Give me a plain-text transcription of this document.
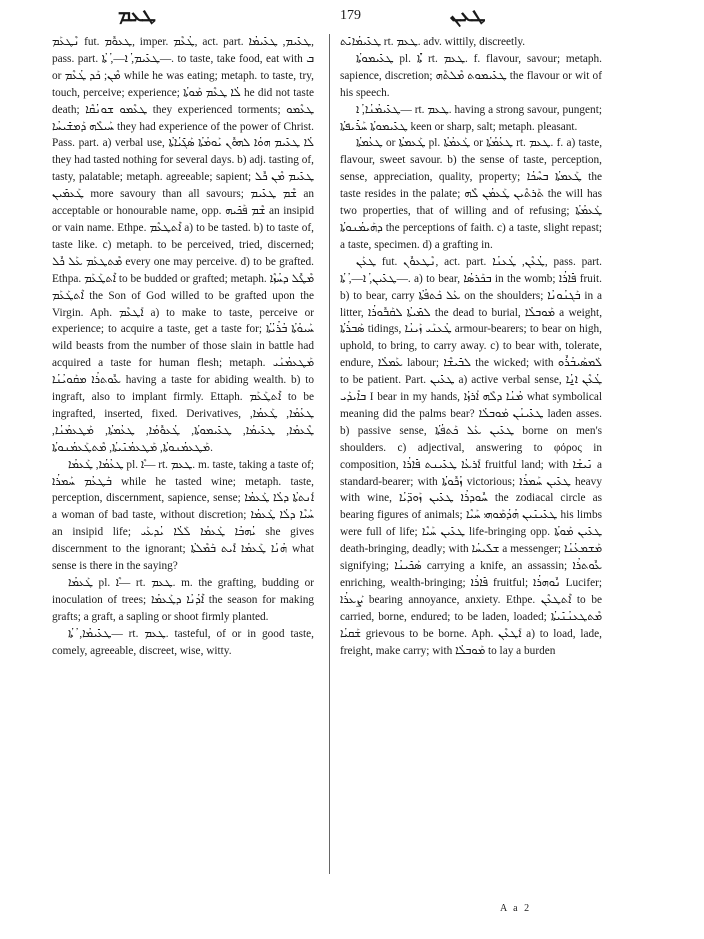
ܛܥܡ	179	ܛܥܢ

ܢܶܛܥܰܡ fut. ܛܥܘܽܡ, imper. ܛܳܥܶܡ, act. part. ܛܥܺܝܡ, ܛܥܺܝܡܳܐ, pass. part. ܛܥܺܝܡ, ܳܐ—, ܳܬܳܐ—. to taste, take food, eat with ܒ or ܡܶܢ; ܟܰܕ ܛܳܥܶܡ while he was eating; metaph. to taste, try, touch, perceive; experience; ܠܳܐ ܛܥܶܡ ܡܰܘܬܳܐ he did not taste death; ܛܥܶܡܘ ܫܘܢܳܩܶܐ they experienced torments; ܛܥܶܡܘ ܚܰܝܠܶܗ ܕܰܡܫܺܝܚܳܐ they had experience of the power of Christ. Pass. part. a) verbal use, ܠܳܐ ܛܥܺܝܡ ܗܘܳܐ ܠܗܘܽܢ ܝܰܘܡܳܬܳܐ ܣܰܓܺܝܳܐܬܳܐ they had tasted nothing for several days. b) adj. tasting of, tasty, palatable; metaph. agreeable; sapient; ܛܥܺܝܡ ܡܶܢ ܟܽܠ ܛܰܥܡܺܝܢ more savoury than all savours; ܫܶܡ ܛܥܺܝܡ an acceptable or honourable name, opp. ܫܶܡ ܦܰܟܺܝܗ an insipid or vain name. Ethpe. ܐܶܬܛܥܶܡ a) to be tasted. b) to taste of, taste like. c) metaph. to be perceived, tried, discerned; ܡܶܬܛܥܰܡ ܥܰܠ ܟܽܠ every one may perceive. d) to be grafted. Ethpa. ܐܶܬܛܰܥܰܡ to be budded or grafted; metaph. ܡܶܛܽܠ ܕܚܳܙܶܐ ܐܶܬܛܰܥܰܡ the Son of God willed to be grafted upon the Virgin. Aph. ܐܰܛܥܶܡ a) to make to taste, perceive or experience; to acquire a taste, get a taste for; ܚܰܝܘܳܬܳܐ ܒܳܪܳܝܳܬܳܐ wild beasts from the number of those slain in battle had acquired a taste for human flesh; metaph. ܡܰܛܥܡܳܢܰܝ ܥܽܘܬܪܳܐ ܡܩܰܘܝܳܢܳܐ having a taste for abiding wealth. b) to ingraft, also to implant firmly. Ettaph. ܐܶܬܛܰܥܰܡ to be ingrafted, inserted, fixed. Derivatives, ܛܥܳܡܳܐ, ܛܰܥܡܳܐ, ܛܶܥܡܳܐ, ܛܥܺܝܡܳܐ, ܛܥܺܝܡܘܬܳܐ, ܛܳܥܘܽܡܳܐ, ܛܥܳܡܬܳܐ, ܡܰܛܥܡܳܢܳܐ, ܡܰܛܥܡܳܢܘܬܳܐ, ܡܰܛܥܡܳܢܺܝܬܳܐ, ܡܶܬܛܰܥܡܳܢܘܬܳܐ.

ܛܥܳܡܳܐ, ܛܰܥܡܳܐ pl. ܶܐ— rt. ܛܥܡ. m. taste, taking a taste of; ܒܰܛܥܳܡ ܚܰܡܪܳܐ while he tasted wine; metaph. taste, perception, discernment, sapience, sense; ܐܰܢܬܬܳܐ ܕܠܳܐ ܛܰܥܡܳܐ a woman of bad taste, without discretion; ܚܰܝܶܐ ܕܠܳܐ ܛܰܥܡܳܐ an insipid life; ܝܳܗܒܳܐ ܛܰܥܡܳܐ ܠܰܠܳܐ ܝܳܕܥܰܝ she gives discernment to the ignorant; ܗܳܢܳܐ ܛܰܥܡܳܐ ܐܺܝܬ ܒܰܡܶܠܬܳܐ what sense is there in the saying?

ܛܰܥܡܳܐ pl. ܶܐ— rt. ܛܥܡ. m. the grafting, budding or inoculation of trees; ܐܶܕܳܢܳܐ ܕܛܰܥܡܳܐ the season for making grafts; a graft, a sapling or shoot firmly planted.

ܛܥܺܝܡܳܐ, ܳܬܳܐ— rt. ܛܥܡ. tasteful, of or in good taste, comely, agreeable, discreet, wise, witty.

ܛܥܺܝܡܳܐܝܺܬ rt. ܛܥܡ. adv. wittily, discreetly.

ܛܥܺܝܡܘܬܳܐ pl. ܳܬܳܐ rt. ܛܥܡ. f. flavour, savour; metaph. sapience, discretion; ܛܥܺܝܡܘܬ ܡܶܠܬܶܗ the flavour or wit of his speech.

ܛܥܺܝܡܳܢܳܐ, ܳܐ— rt. ܛܥܡ. having a strong savour, pungent; ܛܥܺܝܡܘܬܳܐ ܚܰܪܺܝܦܬܳܐ keen or sharp, salt; metaph. pleasant.

ܛܥܳܡܬܳܐ or ܛܰܥܡܬܳܐ pl. ܛܰܥܡܳܬܳܐ or ܛܥܳܡܳܬܳܐ rt. ܛܥܡ. f. a) taste, flavour, sweet savour. b) the sense of taste, perception, sense, appreciation, quality, property; ܛܰܥܡܬܳܐ ܒܚܶܟܳܐ the taste resides in the palate; ܬܰܪܬܶܝܢ ܛܰܥܡܳܢ ܠܶܗ the will has two properties, that of willing and of refusing; ܛܰܥܡܳܬܳܐ ܕܗܰܝܡܳܢܘܬܳܐ the perceptions of faith. c) a taste, slight repast; a taste, specimen. d) a grafting in.

ܛܥܰܢ fut. ܢܶܛܥܘܽܢ, act. part. ܛܳܥܶܢ, ܛܳܥܢܳܐ, pass. part. ܛܥܺܝܢ, ܳܐ—, ܳܬܳܐ—. a) to bear, ܒܟܰܪܣܳܐ in the womb; ܦܺܐܪܳܐ fruit. b) to bear, carry ܥܰܠ ܟܰܬܦܳܬܳܐ on the shoulders; ܒܰܓܢܳܘܢܳܐ in a litter, ܠܡܺܝܬܳܐ ܠܩܰܒܽܘܪܳܐ the dead to burial, ܡܰܘܒܠܳܐ a weight, ܣܰܒܪܳܬܳܐ tidings, ܛܳܥܢܰܝ ܙܰܝܢܳܐ armour-bearers; to bear on high, uphold, to bring, to carry away. c) to bear with, tolerate, endure, ܥܰܡܠܳܐ labour; ܠܒܺܝܫܶܐ the wicked; with ܠܰܡܣܰܝܒܳܪܽܘ to be patient. Part. ܛܥܺܝܢ a) active verbal sense, ܛܳܥܶܢ ܐ̱ܢܳܐ ܒܐܺܝܕܰܝ I bear in my hands, ܡܳܢܳܐ ܕܠܶܗ ܐܳܪܙܳܐ what symbolical meaning did the palms bear? ܛܥܺܝܢܳܢ ܡܰܘܒܠܳܐ laden asses. b) passive sense, ܛܥܺܝܢ ܥܰܠ ܟܰܬܦܳܬܳܐ borne on men's shoulders. c) adjectival, answering to φόρος in composition, ܐܰܪܥܳܐ ܛܥܺܝܢܬ ܦܺܐܪܳܐ fruitful land; with ܢܺܝܫܳܐ a standard-bearer; with ܙܳܟܽܘܬܳܐ victorious; ܛܥܺܝܢ ܚܰܡܪܳܐ heavy with wine, ܚܽܘܕܪܳܐ ܛܥܺܝܢ ܙܰܘܕ̈ܝܳܐ the zodiacal circle as bearing figures of animals; ܛܥܺܝܢܺܝܢ ܗܳܕܳܡܰܘܗܝ ܚܰܝܶܐ his limbs were full of life; ܛܥܺܝܢ ܚܰܝܶܐ life-bringing opp. ܛܥܺܝܢ ܡܰܘܬܳܐ death-bringing, deadly; with ܫܠܺܝܚܳܐ a messenger; ܡܰܫܡܥܳܢܳܐ signifying; ܣܰܟܺܝܢܳܐ carrying a knife, an assassin; ܥܽܘܬܪܳܐ enriching, wealth-bringing; ܦܺܐܪܳܐ fruitful; ܢܽܘܗܪܳܐ Lucifer; ܨܰܥܪܳܐ bearing annoyance, anxiety. Ethpe. ܐܶܬܛܥܶܢ to be carried, borne, endured; to be laden, loaded; ܡܶܬܛܥܢܳܢܺܝܬܳܐ ܫܰܩܝܳܐ grievous to be borne. Aph. ܐܰܛܥܶܢ a) to load, lade, freight, make carry; with ܡܰܘܒܠܳܐ to lay a burden

A a 2
